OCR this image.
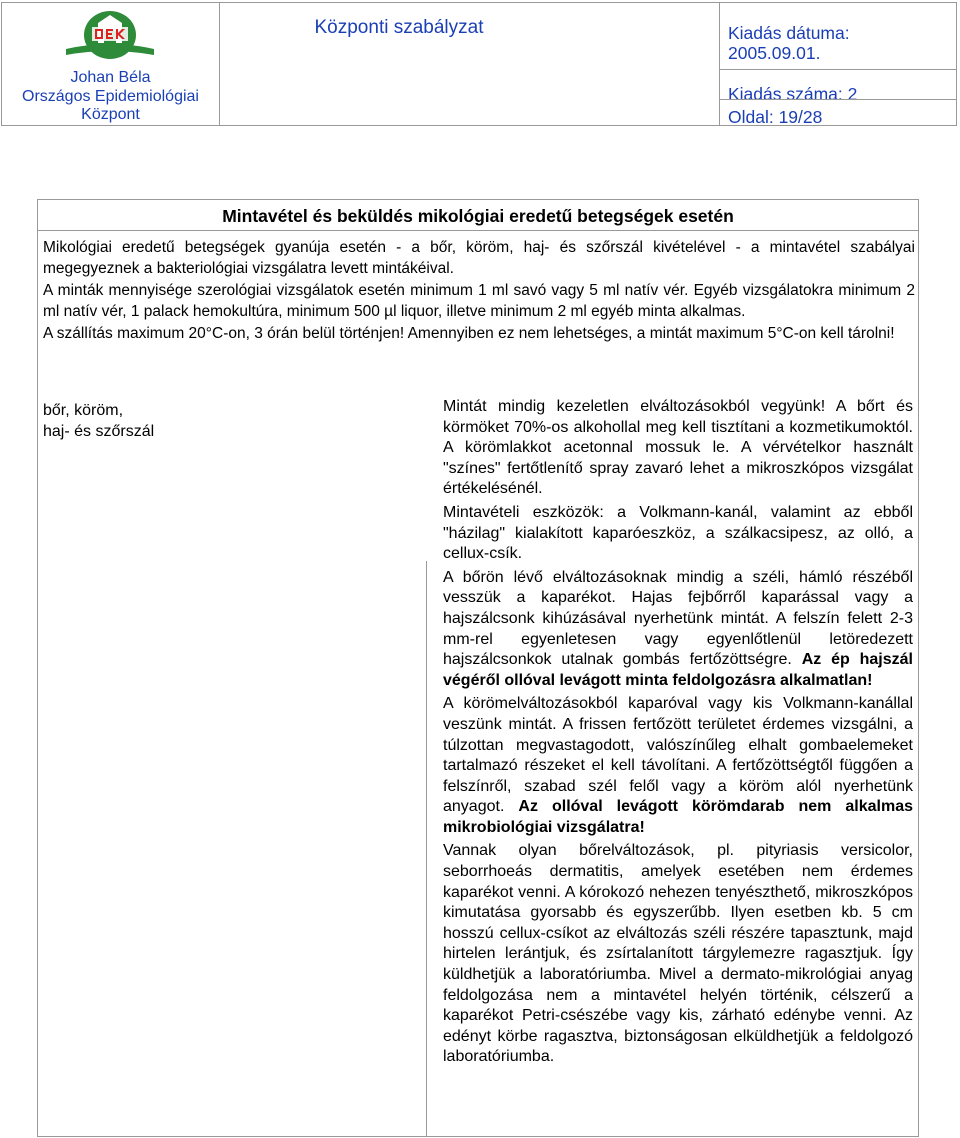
Johan Béla
Országos Epidemiológiai
Központ
Központi szabályzat	Kiadás dátuma:
2005.09.01.
Kiadás száma: 2
Oldal: 19/28
Mintavétel és beküldés mikológiai eredetű betegségek esetén

Mikológiai eredetű betegségek gyanúja esetén - a bőr, köröm, haj- és szőrszál kivételével - a mintavétel szabályai megegyeznek a bakteriológiai vizsgálatra levett mintákéival.

A minták mennyisége szerológiai vizsgálatok esetén minimum 1 ml savó vagy 5 ml natív vér. Egyéb vizsgálatokra minimum 2 ml natív vér, 1 palack hemokultúra, minimum 500 µl liquor, illetve minimum 2 ml egyéb minta alkalmas.

A szállítás maximum 20°C-on, 3 órán belül történjen! Amennyiben ez nem lehetséges, a mintát maximum 5°C-on kell tárolni!

bőr, köröm,
haj- és szőrszál

Mintát mindig kezeletlen elváltozásokból vegyünk! A bőrt és körmöket 70%-os alkohollal meg kell tisztítani a kozmetikumoktól. A körömlakkot acetonnal mossuk le. A vérvételkor használt "színes" fertőtlenítő spray zavaró lehet a mikroszkópos vizsgálat értékelésénél.

Mintavételi eszközök: a Volkmann-kanál, valamint az ebből "házilag" kialakított kaparóeszköz, a szálkacsipesz, az olló, a cellux-csík.

A bőrön lévő elváltozásoknak mindig a széli, hámló részéből vesszük a kaparékot. Hajas fejbőrről kaparással vagy a hajszálcsonk kihúzásával nyerhetünk mintát. A felszín felett 2-3 mm-rel egyenletesen vagy egyenlőtlenül letöredezett hajszálcsonkok utalnak gombás fertőzöttségre. Az ép hajszál végéről ollóval levágott minta feldolgozásra alkalmatlan!

A körömelváltozásokból kaparóval vagy kis Volkmann-kanállal veszünk mintát. A frissen fertőzött területet érdemes vizsgálni, a túlzottan megvastagodott, valószínűleg elhalt gombaelemeket tartalmazó részeket el kell távolítani. A fertőzöttségtől függően a felszínről, szabad szél felől vagy a köröm alól nyerhetünk anyagot. Az ollóval levágott körömdarab nem alkalmas mikrobiológiai vizsgálatra!

Vannak olyan bőrelváltozások, pl. pityriasis versicolor, seborrhoeás dermatitis, amelyek esetében nem érdemes kaparékot venni. A kórokozó nehezen tenyészthető, mikroszkópos kimutatása gyorsabb és egyszerűbb. Ilyen esetben kb. 5 cm hosszú cellux-csíkot az elváltozás széli részére tapasztunk, majd hirtelen lerántjuk, és zsírtalanított tárgylemezre ragasztjuk. Így küldhetjük a laboratóriumba. Mivel a dermato-mikrológiai anyag feldolgozása nem a mintavétel helyén történik, célszerű a kaparékot Petri-csészébe vagy kis, zárható edénybe venni. Az edényt körbe ragasztva, biztonságosan elküldhetjük a feldolgozó laboratóriumba.
